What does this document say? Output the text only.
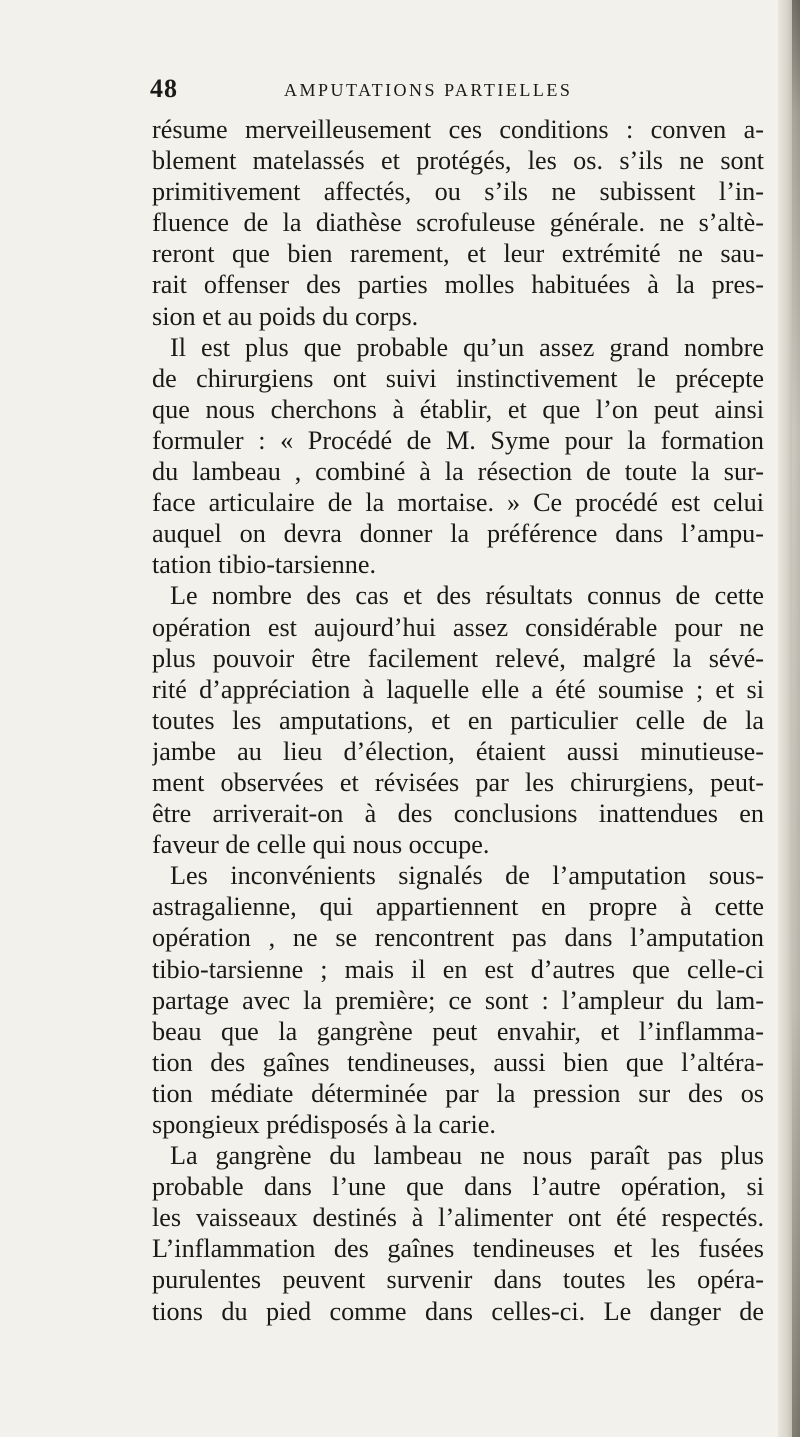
48	AMPUTATIONS PARTIELLES
résume merveilleusement ces conditions : conven a-
blement matelassés et protégés, les os. s’ils ne sont
primitivement affectés, ou s’ils ne subissent l’in-
fluence de la diathèse scrofuleuse générale. ne s’altè-
reront que bien rarement, et leur extrémité ne sau-
rait offenser des parties molles habituées à la pres-
sion et au poids du corps.
Il est plus que probable qu’un assez grand nombre
de chirurgiens ont suivi instinctivement le précepte
que nous cherchons à établir, et que l’on peut ainsi
formuler : « Procédé de M. Syme pour la formation
du lambeau , combiné à la résection de toute la sur-
face articulaire de la mortaise. » Ce procédé est celui
auquel on devra donner la préférence dans l’ampu-
tation tibio-tarsienne.
Le nombre des cas et des résultats connus de cette
opération est aujourd’hui assez considérable pour ne
plus pouvoir être facilement relevé, malgré la sévé-
rité d’appréciation à laquelle elle a été soumise ; et si
toutes les amputations, et en particulier celle de la
jambe au lieu d’élection, étaient aussi minutieuse-
ment observées et révisées par les chirurgiens, peut-
être arriverait-on à des conclusions inattendues en
faveur de celle qui nous occupe.
Les inconvénients signalés de l’amputation sous-
astragalienne, qui appartiennent en propre à cette
opération , ne se rencontrent pas dans l’amputation
tibio-tarsienne ; mais il en est d’autres que celle-ci
partage avec la première; ce sont : l’ampleur du lam-
beau que la gangrène peut envahir, et l’inflamma-
tion des gaînes tendineuses, aussi bien que l’altéra-
tion médiate déterminée par la pression sur des os
spongieux prédisposés à la carie.
La gangrène du lambeau ne nous paraît pas plus
probable dans l’une que dans l’autre opération, si
les vaisseaux destinés à l’alimenter ont été respectés.
L’inflammation des gaînes tendineuses et les fusées
purulentes peuvent survenir dans toutes les opéra-
tions du pied comme dans celles-ci. Le danger de
